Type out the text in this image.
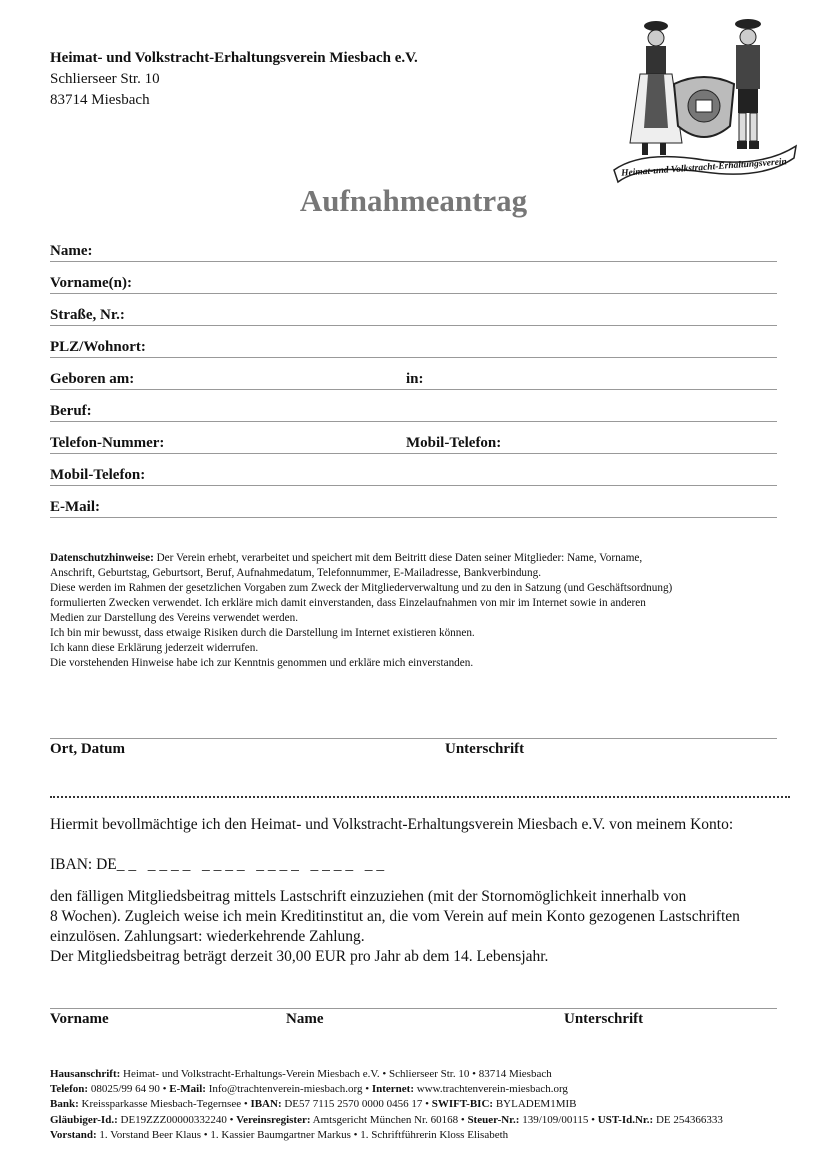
Heimat- und Volkstracht-Erhaltungsverein Miesbach e.V.
Schlierseer Str. 10
83714 Miesbach
Heimat-und Volkstracht-Erhaltungsverein
Aufnahmeantrag
Name:
Vorname(n):
Straße, Nr.:
PLZ/Wohnort:
Geboren am:	in:
Beruf:
Telefon-Nummer:	Mobil-Telefon:
Mobil-Telefon:
E-Mail:
Datenschutzhinweise: Der Verein erhebt, verarbeitet und speichert mit dem Beitritt diese Daten seiner Mitglieder: Name, Vorname,
Anschrift, Geburtstag, Geburtsort, Beruf, Aufnahmedatum, Telefonnummer, E-Mailadresse, Bankverbindung.
Diese werden im Rahmen der gesetzlichen Vorgaben zum Zweck der Mitgliederverwaltung und zu den in Satzung (und Geschäftsordnung)
formulierten Zwecken verwendet. Ich erkläre mich damit einverstanden, dass Einzelaufnahmen von mir im Internet sowie in anderen
Medien zur Darstellung des Vereins verwendet werden.
Ich bin mir bewusst, dass etwaige Risiken durch die Darstellung im Internet existieren können.
Ich kann diese Erklärung jederzeit widerrufen.
Die vorstehenden Hinweise habe ich zur Kenntnis genommen und erkläre mich einverstanden.
Ort, Datum	Unterschrift
Hiermit bevollmächtige ich den Heimat- und Volkstracht-Erhaltungsverein Miesbach e.V. von meinem Konto:
IBAN: DE_ _   _ _ _ _   _ _ _ _   _ _ _ _   _ _ _ _   _ _
den fälligen Mitgliedsbeitrag mittels Lastschrift einzuziehen (mit der Stornomöglichkeit innerhalb von
8 Wochen). Zugleich weise ich mein Kreditinstitut an, die vom Verein auf mein Konto gezogenen Lastschriften
einzulösen. Zahlungsart: wiederkehrende Zahlung.
Der Mitgliedsbeitrag beträgt derzeit 30,00 EUR pro Jahr ab dem 14. Lebensjahr.
Vorname	Name	Unterschrift
Hausanschrift: Heimat- und Volkstracht-Erhaltungs-Verein Miesbach e.V. • Schlierseer Str. 10 • 83714 Miesbach
Telefon: 08025/99 64 90 • E-Mail: Info@trachtenverein-miesbach.org • Internet: www.trachtenverein-miesbach.org
Bank: Kreissparkasse Miesbach-Tegernsee • IBAN: DE57 7115 2570 0000 0456 17 • SWIFT-BIC: BYLADEM1MIB
Gläubiger-Id.: DE19ZZZ00000332240 • Vereinsregister: Amtsgericht München Nr. 60168 • Steuer-Nr.: 139/109/00115 • UST-Id.Nr.: DE 254366333
Vorstand: 1. Vorstand Beer Klaus • 1. Kassier Baumgartner Markus • 1. Schriftführerin Kloss Elisabeth
